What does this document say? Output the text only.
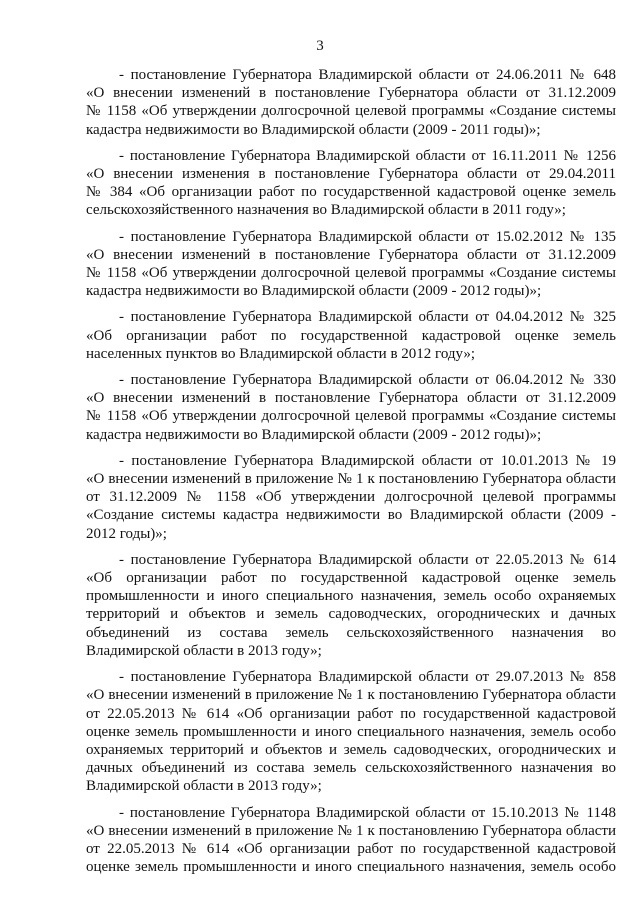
3
- постановление Губернатора Владимирской области от 24.06.2011 № 648
«О внесении изменений в постановление Губернатора области от 31.12.2009
№ 1158 «Об утверждении долгосрочной целевой программы «Создание системы
кадастра недвижимости во Владимирской области (2009 - 2011 годы)»;
- постановление Губернатора Владимирской области от 16.11.2011 № 1256
«О внесении изменения в постановление Губернатора области от 29.04.2011
№ 384 «Об организации работ по государственной кадастровой оценке земель
сельскохозяйственного назначения во Владимирской области в 2011 году»;
- постановление Губернатора Владимирской области от 15.02.2012 № 135
«О внесении изменений в постановление Губернатора области от 31.12.2009
№ 1158 «Об утверждении долгосрочной целевой программы «Создание системы
кадастра недвижимости во Владимирской области (2009 - 2012 годы)»;
- постановление Губернатора Владимирской области от 04.04.2012 № 325
«Об организации работ по государственной кадастровой оценке земель
населенных пунктов во Владимирской области в 2012 году»;
- постановление Губернатора Владимирской области от 06.04.2012 № 330
«О внесении изменений в постановление Губернатора области от 31.12.2009
№ 1158 «Об утверждении долгосрочной целевой программы «Создание системы
кадастра недвижимости во Владимирской области (2009 - 2012 годы)»;
- постановление Губернатора Владимирской области от 10.01.2013 № 19
«О внесении изменений в приложение № 1 к постановлению Губернатора области
от 31.12.2009 № 1158 «Об утверждении долгосрочной целевой программы
«Создание системы кадастра недвижимости во Владимирской области (2009 -
2012 годы)»;
- постановление Губернатора Владимирской области от 22.05.2013 № 614
«Об организации работ по государственной кадастровой оценке земель
промышленности и иного специального назначения, земель особо охраняемых
территорий и объектов и земель садоводческих, огороднических и дачных
объединений из состава земель сельскохозяйственного назначения во
Владимирской области в 2013 году»;
- постановление Губернатора Владимирской области от 29.07.2013 № 858
«О внесении изменений в приложение № 1 к постановлению Губернатора области
от 22.05.2013 № 614 «Об организации работ по государственной кадастровой
оценке земель промышленности и иного специального назначения, земель особо
охраняемых территорий и объектов и земель садоводческих, огороднических и
дачных объединений из состава земель сельскохозяйственного назначения во
Владимирской области в 2013 году»;
- постановление Губернатора Владимирской области от 15.10.2013 № 1148
«О внесении изменений в приложение № 1 к постановлению Губернатора области
от 22.05.2013 № 614 «Об организации работ по государственной кадастровой
оценке земель промышленности и иного специального назначения, земель особо
